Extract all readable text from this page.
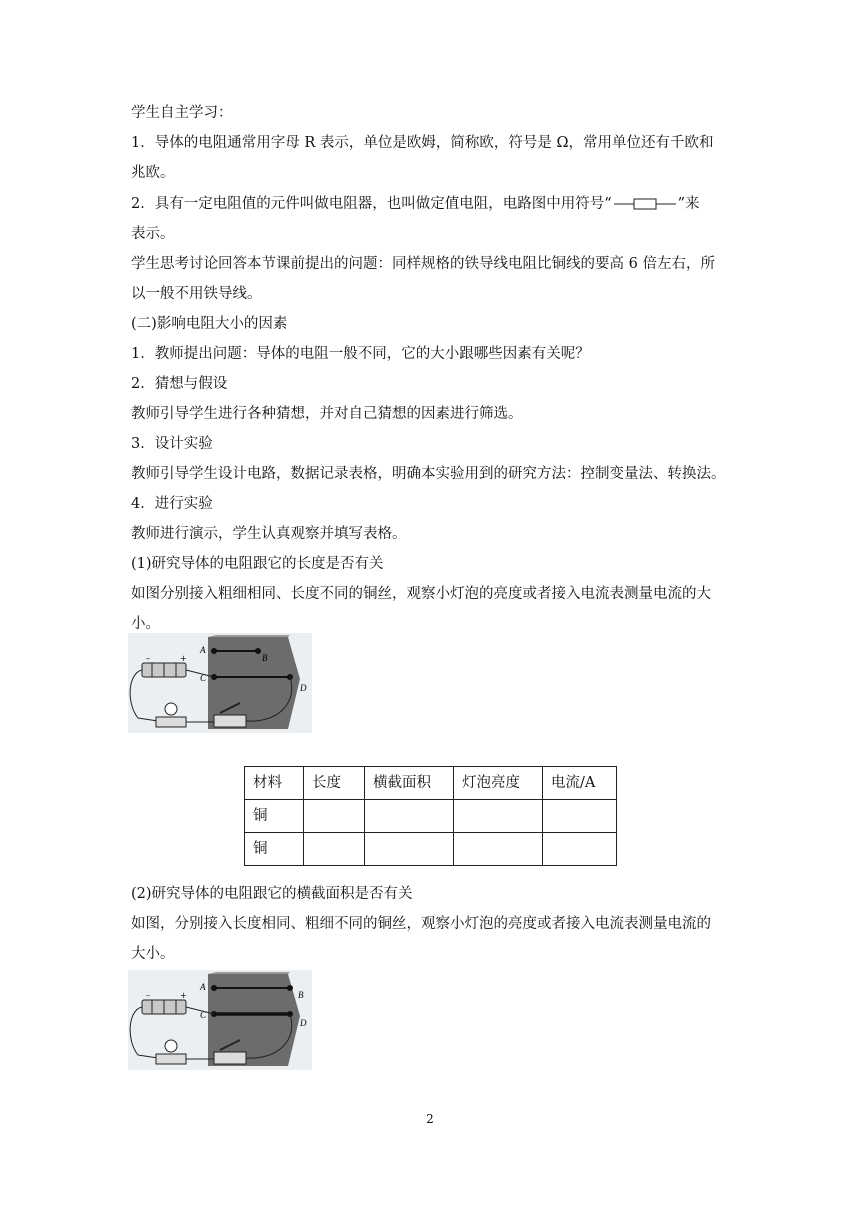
学生自主学习：
1．导体的电阻通常用字母 R 表示，单位是欧姆，简称欧，符号是 Ω，常用单位还有千欧和
兆欧。
2．具有一定电阻值的元件叫做电阻器，也叫做定值电阻，电路图中用符号“	”来
表示。
学生思考讨论回答本节课前提出的问题：同样规格的铁导线电阻比铜线的要高 6 倍左右，所
以一般不用铁导线。
(二)影响电阻大小的因素
1．教师提出问题：导体的电阻一般不同，它的大小跟哪些因素有关呢？
2．猜想与假设
教师引导学生进行各种猜想，并对自己猜想的因素进行筛选。
3．设计实验
教师引导学生设计电路，数据记录表格，明确本实验用到的研究方法：控制变量法、转换法。
4．进行实验
教师进行演示，学生认真观察并填写表格。
(1)研究导体的电阻跟它的长度是否有关
如图分别接入粗细相同、长度不同的铜丝，观察小灯泡的亮度或者接入电流表测量电流的大
小。
A
B
C
D
–	+
材料	长度	横截面积	灯泡亮度	电流/A
铜				
铜				
(2)研究导体的电阻跟它的横截面积是否有关
如图，分别接入长度相同、粗细不同的铜丝，观察小灯泡的亮度或者接入电流表测量电流的
大小。
A
B
C
D
–	+
2
